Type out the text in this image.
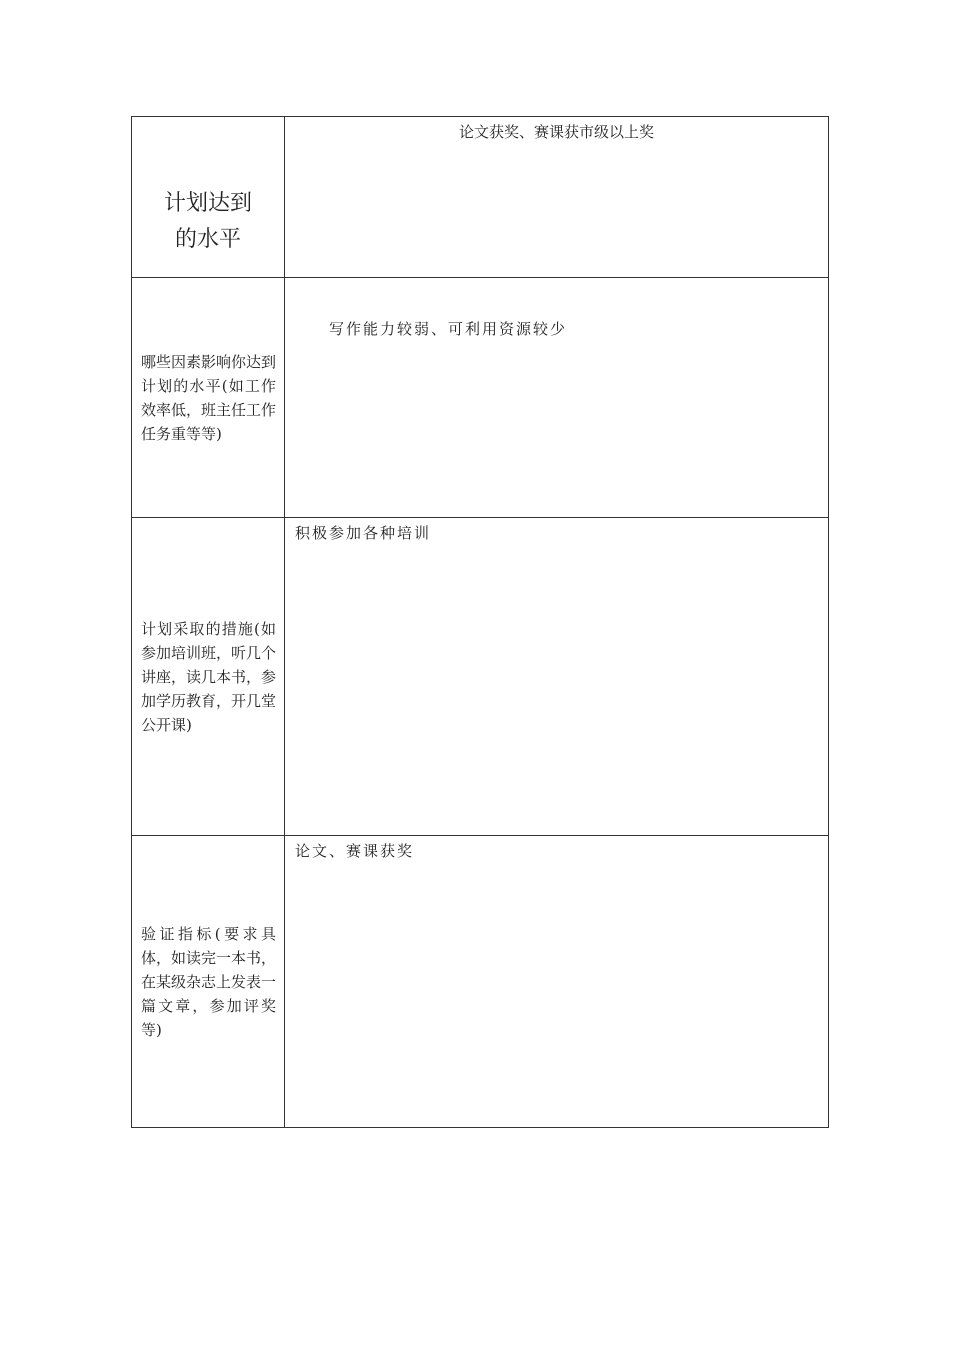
计划达到
的水平	论文获奖、赛课获市级以上奖

哪些因素影响你达到计划的水平(如工作效率低，班主任工作任务重等等)	写作能力较弱、可利用资源较少

计划采取的措施(如参加培训班，听几个讲座，读几本书，参加学历教育，开几堂公开课)	积极参加各种培训

验证指标(要求具体，如读完一本书，在某级杂志上发表一篇文章，参加评奖等)	论文、赛课获奖
